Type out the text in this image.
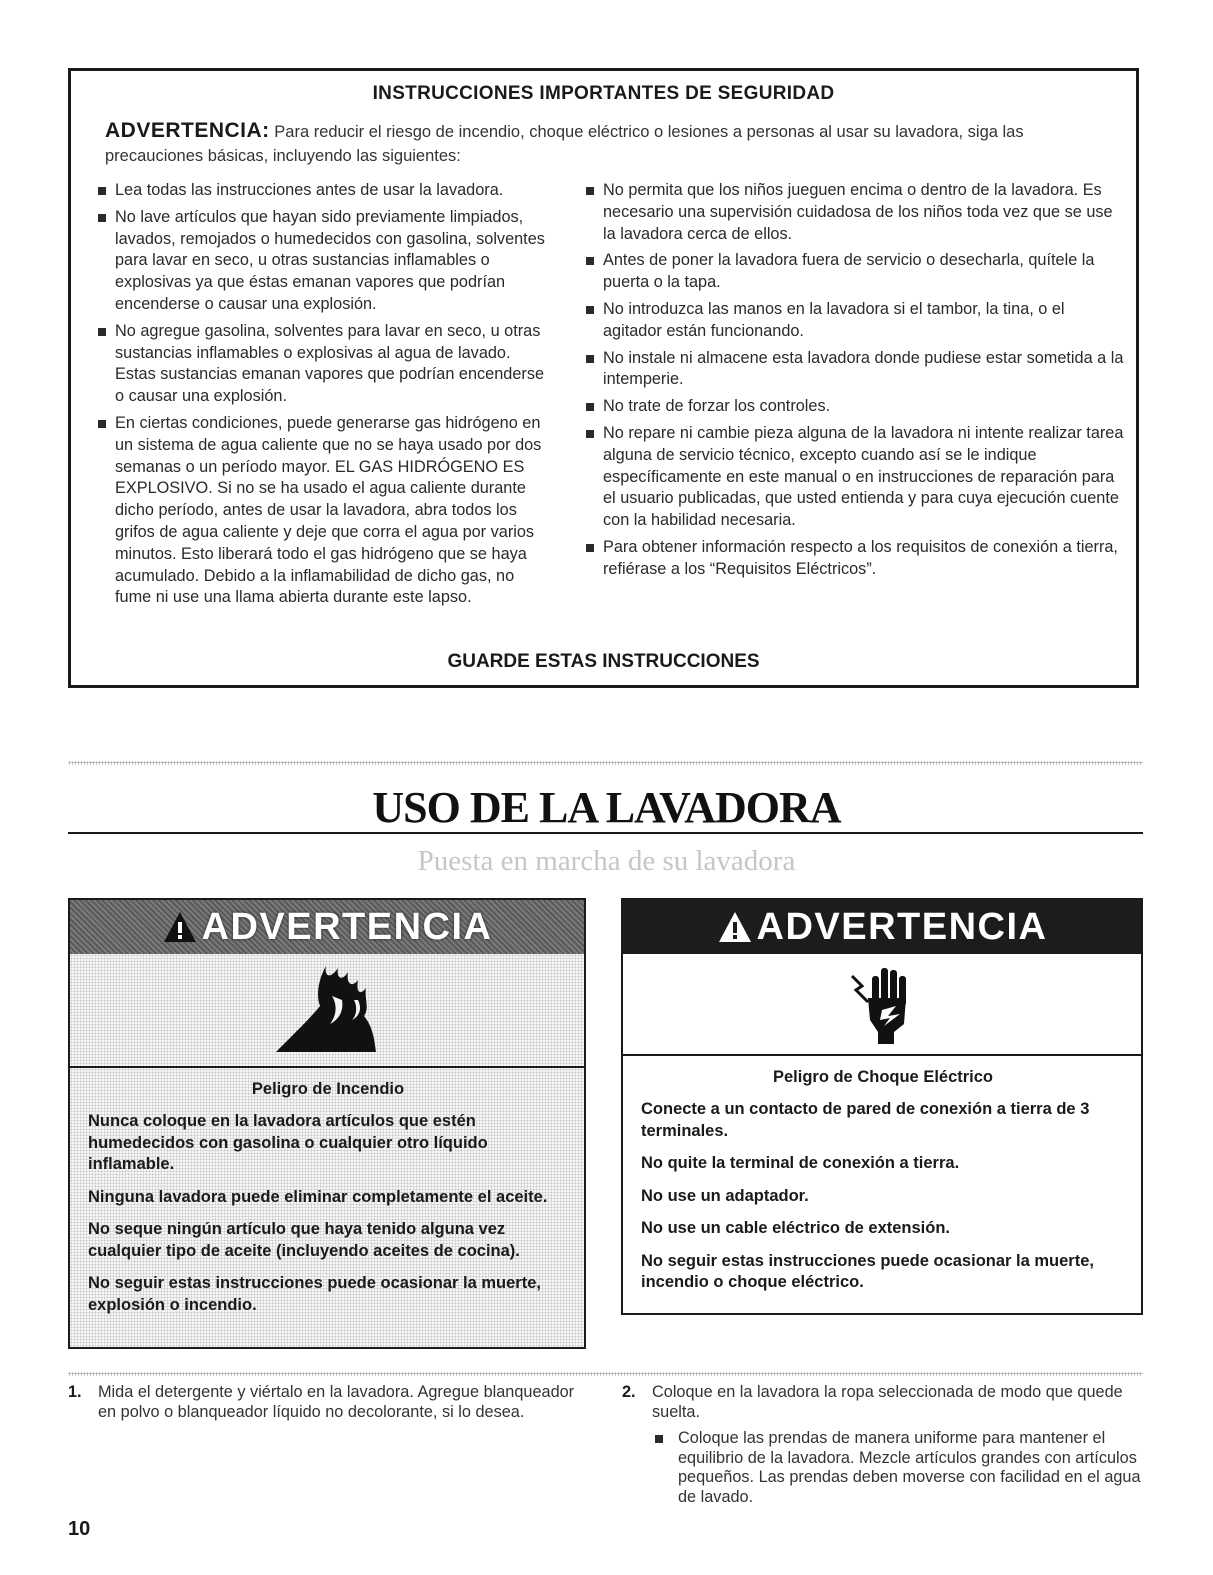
INSTRUCCIONES IMPORTANTES DE SEGURIDAD
ADVERTENCIA: Para reducir el riesgo de incendio, choque eléctrico o lesiones a personas al usar su lavadora, siga las precauciones básicas, incluyendo las siguientes:
Lea todas las instrucciones antes de usar la lavadora.
No lave artículos que hayan sido previamente limpiados, lavados, remojados o humedecidos con gasolina, solventes para lavar en seco, u otras sustancias inflamables o explosivas ya que éstas emanan vapores que podrían encenderse o causar una explosión.
No agregue gasolina, solventes para lavar en seco, u otras sustancias inflamables o explosivas al agua de lavado. Estas sustancias emanan vapores que podrían encenderse o causar una explosión.
En ciertas condiciones, puede generarse gas hidrógeno en un sistema de agua caliente que no se haya usado por dos semanas o un período mayor. EL GAS HIDRÓGENO ES EXPLOSIVO. Si no se ha usado el agua caliente durante dicho período, antes de usar la lavadora, abra todos los grifos de agua caliente y deje que corra el agua por varios minutos. Esto liberará todo el gas hidrógeno que se haya acumulado. Debido a la inflamabilidad de dicho gas, no fume ni use una llama abierta durante este lapso.
No permita que los niños jueguen encima o dentro de la lavadora. Es necesario una supervisión cuidadosa de los niños toda vez que se use la lavadora cerca de ellos.
Antes de poner la lavadora fuera de servicio o desecharla, quítele la puerta o la tapa.
No introduzca las manos en la lavadora si el tambor, la tina, o el agitador están funcionando.
No instale ni almacene esta lavadora donde pudiese estar sometida a la intemperie.
No trate de forzar los controles.
No repare ni cambie pieza alguna de la lavadora ni intente realizar tarea alguna de servicio técnico, excepto cuando así se le indique específicamente en este manual o en instrucciones de reparación para el usuario publicadas, que usted entienda y para cuya ejecución cuente con la habilidad necesaria.
Para obtener información respecto a los requisitos de conexión a tierra, refiérase a los “Requisitos Eléctricos”.
GUARDE ESTAS INSTRUCCIONES
USO DE LA LAVADORA
Puesta en marcha de su lavadora
ADVERTENCIA
Peligro de Incendio
Nunca coloque en la lavadora artículos que estén humedecidos con gasolina o cualquier otro líquido inflamable.
Ninguna lavadora puede eliminar completamente el aceite.
No seque ningún artículo que haya tenido alguna vez cualquier tipo de aceite (incluyendo aceites de cocina).
No seguir estas instrucciones puede ocasionar la muerte, explosión o incendio.
ADVERTENCIA
Peligro de Choque Eléctrico
Conecte a un contacto de pared de conexión a tierra de 3 terminales.
No quite la terminal de conexión a tierra.
No use un adaptador.
No use un cable eléctrico de extensión.
No seguir estas instrucciones puede ocasionar la muerte, incendio o choque eléctrico.
1.	Mida el detergente y viértalo en la lavadora. Agregue blanqueador en polvo o blanqueador líquido no decolorante, si lo desea.
2.	Coloque en la lavadora la ropa seleccionada de modo que quede suelta.
Coloque las prendas de manera uniforme para mantener el equilibrio de la lavadora. Mezcle artículos grandes con artículos pequeños. Las prendas deben moverse con facilidad en el agua de lavado.
10
